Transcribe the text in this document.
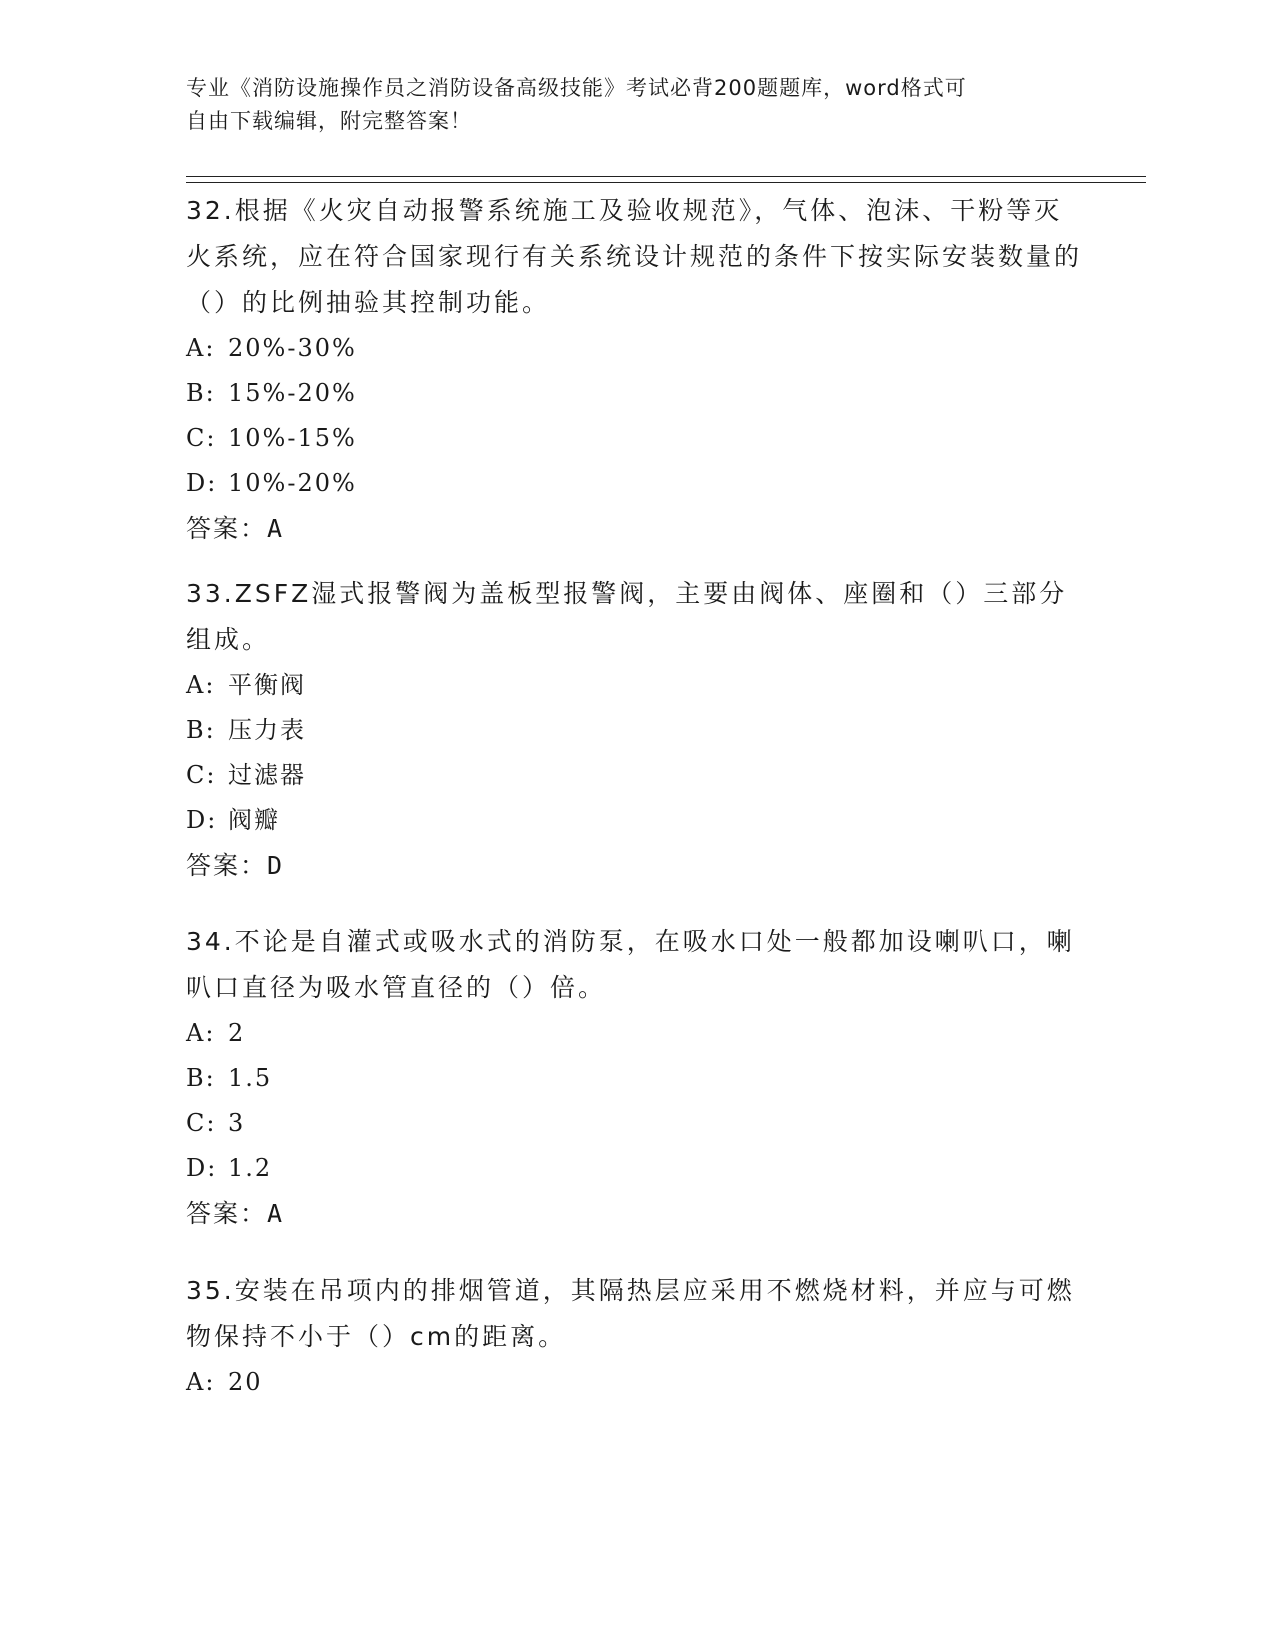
专业《消防设施操作员之消防设备高级技能》考试必背200题题库，word格式可
自由下载编辑，附完整答案！

32.根据《火灾自动报警系统施工及验收规范》，气体、泡沫、干粉等灭火系统，应在符合国家现行有关系统设计规范的条件下按实际安装数量的（）的比例抽验其控制功能。

A: 20%-30%

B: 15%-20%

C: 10%-15%

D: 10%-20%

答案：A

33.ZSFZ湿式报警阀为盖板型报警阀，主要由阀体、座圈和（）三部分组成。

A: 平衡阀

B: 压力表

C: 过滤器

D: 阀瓣

答案：D

34.不论是自灌式或吸水式的消防泵，在吸水口处一般都加设喇叭口，喇叭口直径为吸水管直径的（）倍。

A: 2

B: 1.5

C: 3

D: 1.2

答案：A

35.安装在吊项内的排烟管道，其隔热层应采用不燃烧材料，并应与可燃物保持不小于（）cm的距离。

A: 20
